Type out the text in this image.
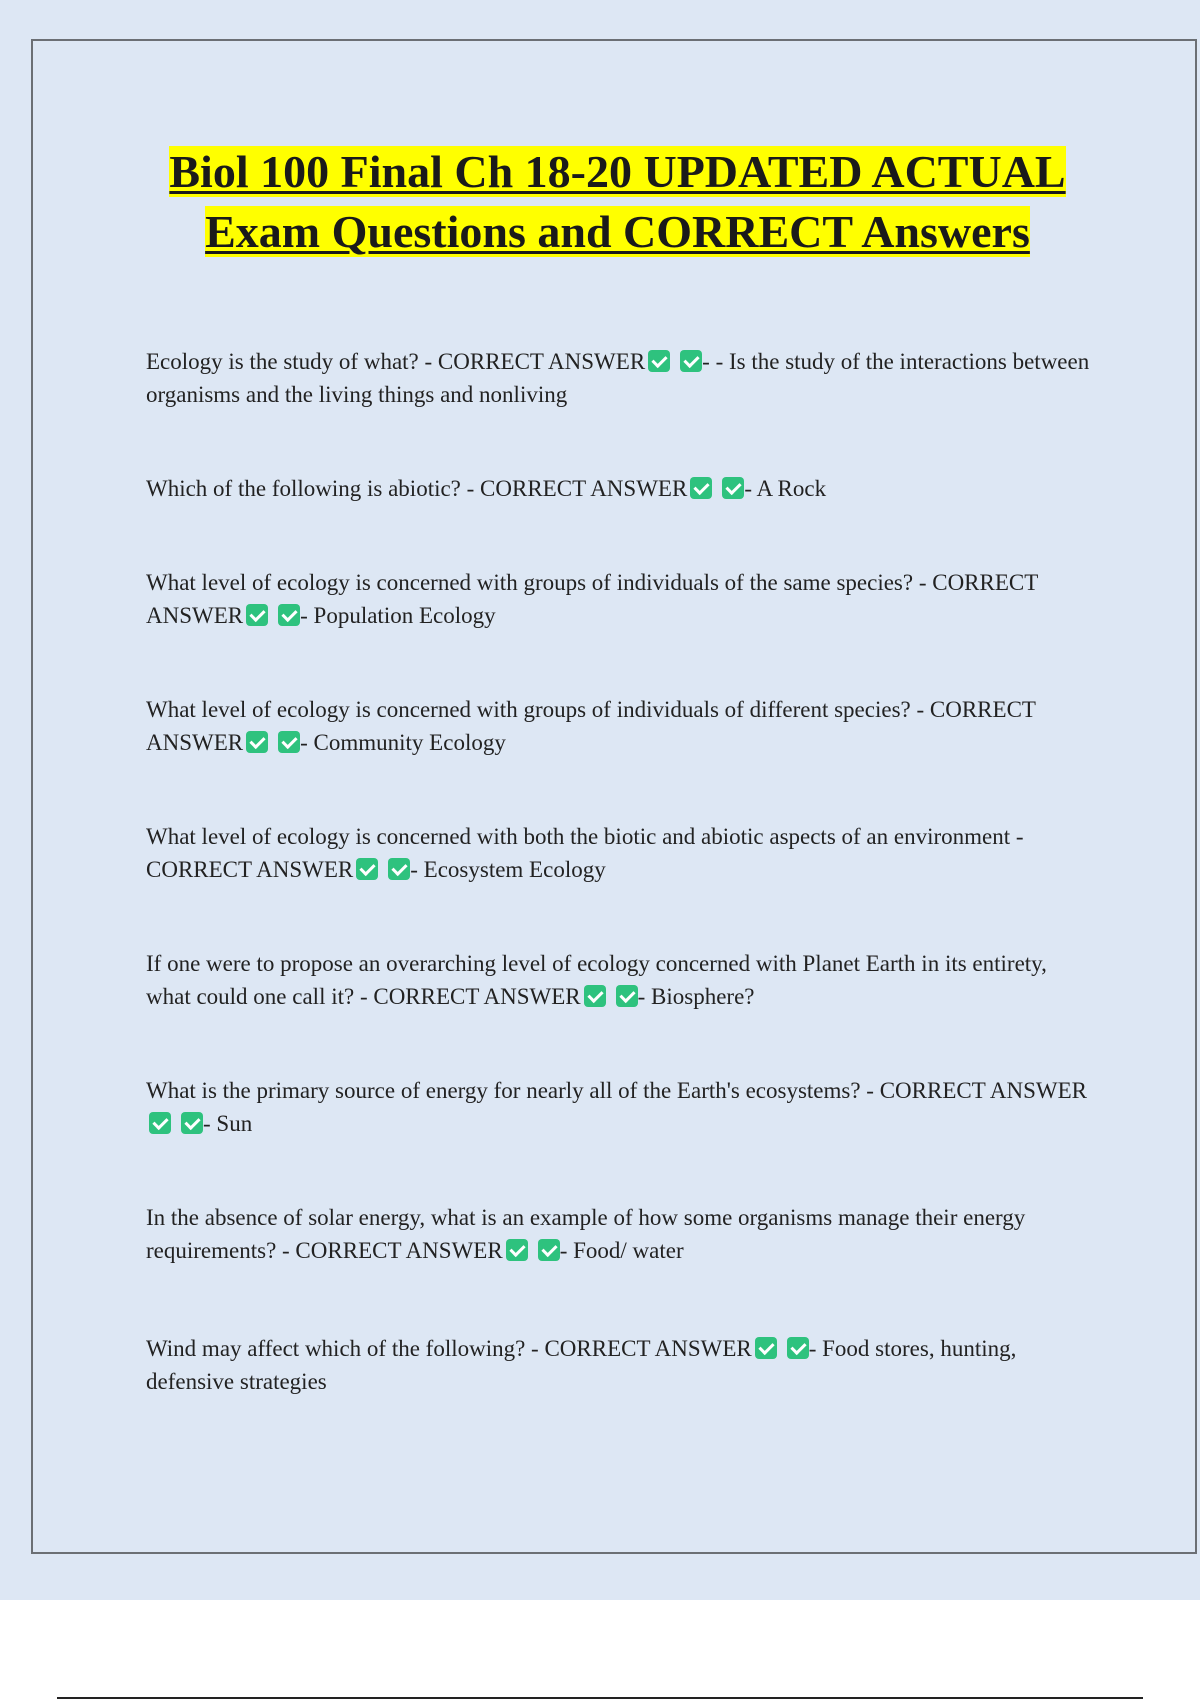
Biol 100 Final Ch 18-20 UPDATED ACTUAL Exam Questions and CORRECT Answers

Ecology is the study of what? - CORRECT ANSWER - - Is the study of the interactions between organisms and the living things and nonliving

Which of the following is abiotic? - CORRECT ANSWER - A Rock

What level of ecology is concerned with groups of individuals of the same species? - CORRECT ANSWER - Population Ecology

What level of ecology is concerned with groups of individuals of different species? - CORRECT ANSWER - Community Ecology

What level of ecology is concerned with both the biotic and abiotic aspects of an environment - CORRECT ANSWER - Ecosystem Ecology

If one were to propose an overarching level of ecology concerned with Planet Earth in its entirety, what could one call it? - CORRECT ANSWER - Biosphere?

What is the primary source of energy for nearly all of the Earth's ecosystems? - CORRECT ANSWER- Sun

In the absence of solar energy, what is an example of how some organisms manage their energy requirements? - CORRECT ANSWER - Food/ water

Wind may affect which of the following? - CORRECT ANSWER - Food stores, hunting, defensive strategies
